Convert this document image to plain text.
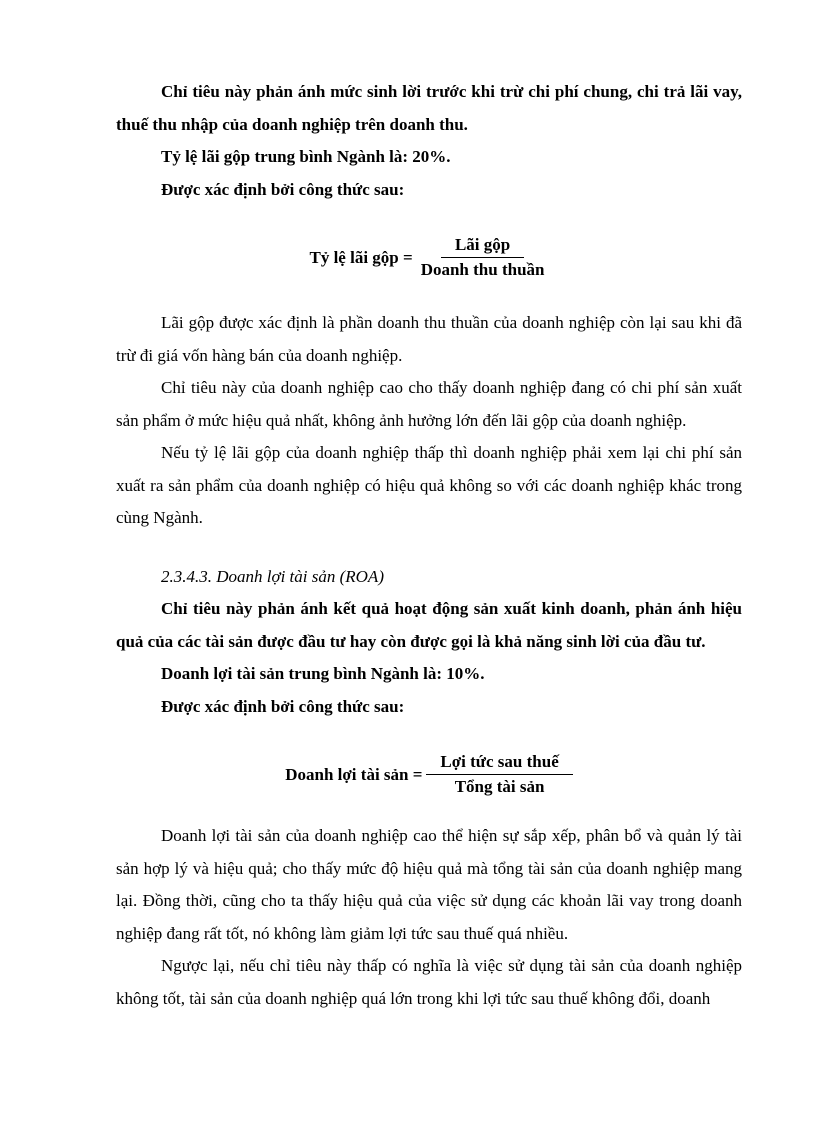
Chỉ tiêu này phản ánh mức sinh lời trước khi trừ chi phí chung, chi trả lãi vay, thuế thu nhập của doanh nghiệp trên doanh thu.

Tỷ lệ lãi gộp trung bình Ngành là: 20%.

Được xác định bởi công thức sau:

Tỷ lệ lãi gộp = $\frac{\text{Lãi gộp}}{\text{Doanh thu thuần}}$

Lãi gộp được xác định là phần doanh thu thuần của doanh nghiệp còn lại sau khi đã trừ đi giá vốn hàng bán của doanh nghiệp.

Chỉ tiêu này của doanh nghiệp cao cho thấy doanh nghiệp đang có chi phí sản xuất sản phẩm ở mức hiệu quả nhất, không ảnh hưởng lớn đến lãi gộp của doanh nghiệp.

Nếu tỷ lệ lãi gộp của doanh nghiệp thấp thì doanh nghiệp phải xem lại chi phí sản xuất ra sản phẩm của doanh nghiệp có hiệu quả không so với các doanh nghiệp khác trong cùng Ngành.

2.3.4.3. Doanh lợi tài sản (ROA)

Chỉ tiêu này phản ánh kết quả hoạt động sản xuất kinh doanh, phản ánh hiệu quả của các tài sản được đầu tư hay còn được gọi là khả năng sinh lời của đầu tư.

Doanh lợi tài sản trung bình Ngành là: 10%.

Được xác định bởi công thức sau:

Doanh lợi tài sản = $\frac{\text{Lợi tức sau thuế}}{\text{Tổng tài sản}}$

Doanh lợi tài sản của doanh nghiệp cao thể hiện sự sắp xếp, phân bổ và quản lý tài sản hợp lý và hiệu quả; cho thấy mức độ hiệu quả mà tổng tài sản của doanh nghiệp mang lại. Đồng thời, cũng cho ta thấy hiệu quả của việc sử dụng các khoản lãi vay trong doanh nghiệp đang rất tốt, nó không làm giảm lợi tức sau thuế quá nhiều.

Ngược lại, nếu chỉ tiêu này thấp có nghĩa là việc sử dụng tài sản của doanh nghiệp không tốt, tài sản của doanh nghiệp quá lớn trong khi lợi tức sau thuế không đổi, doanh
